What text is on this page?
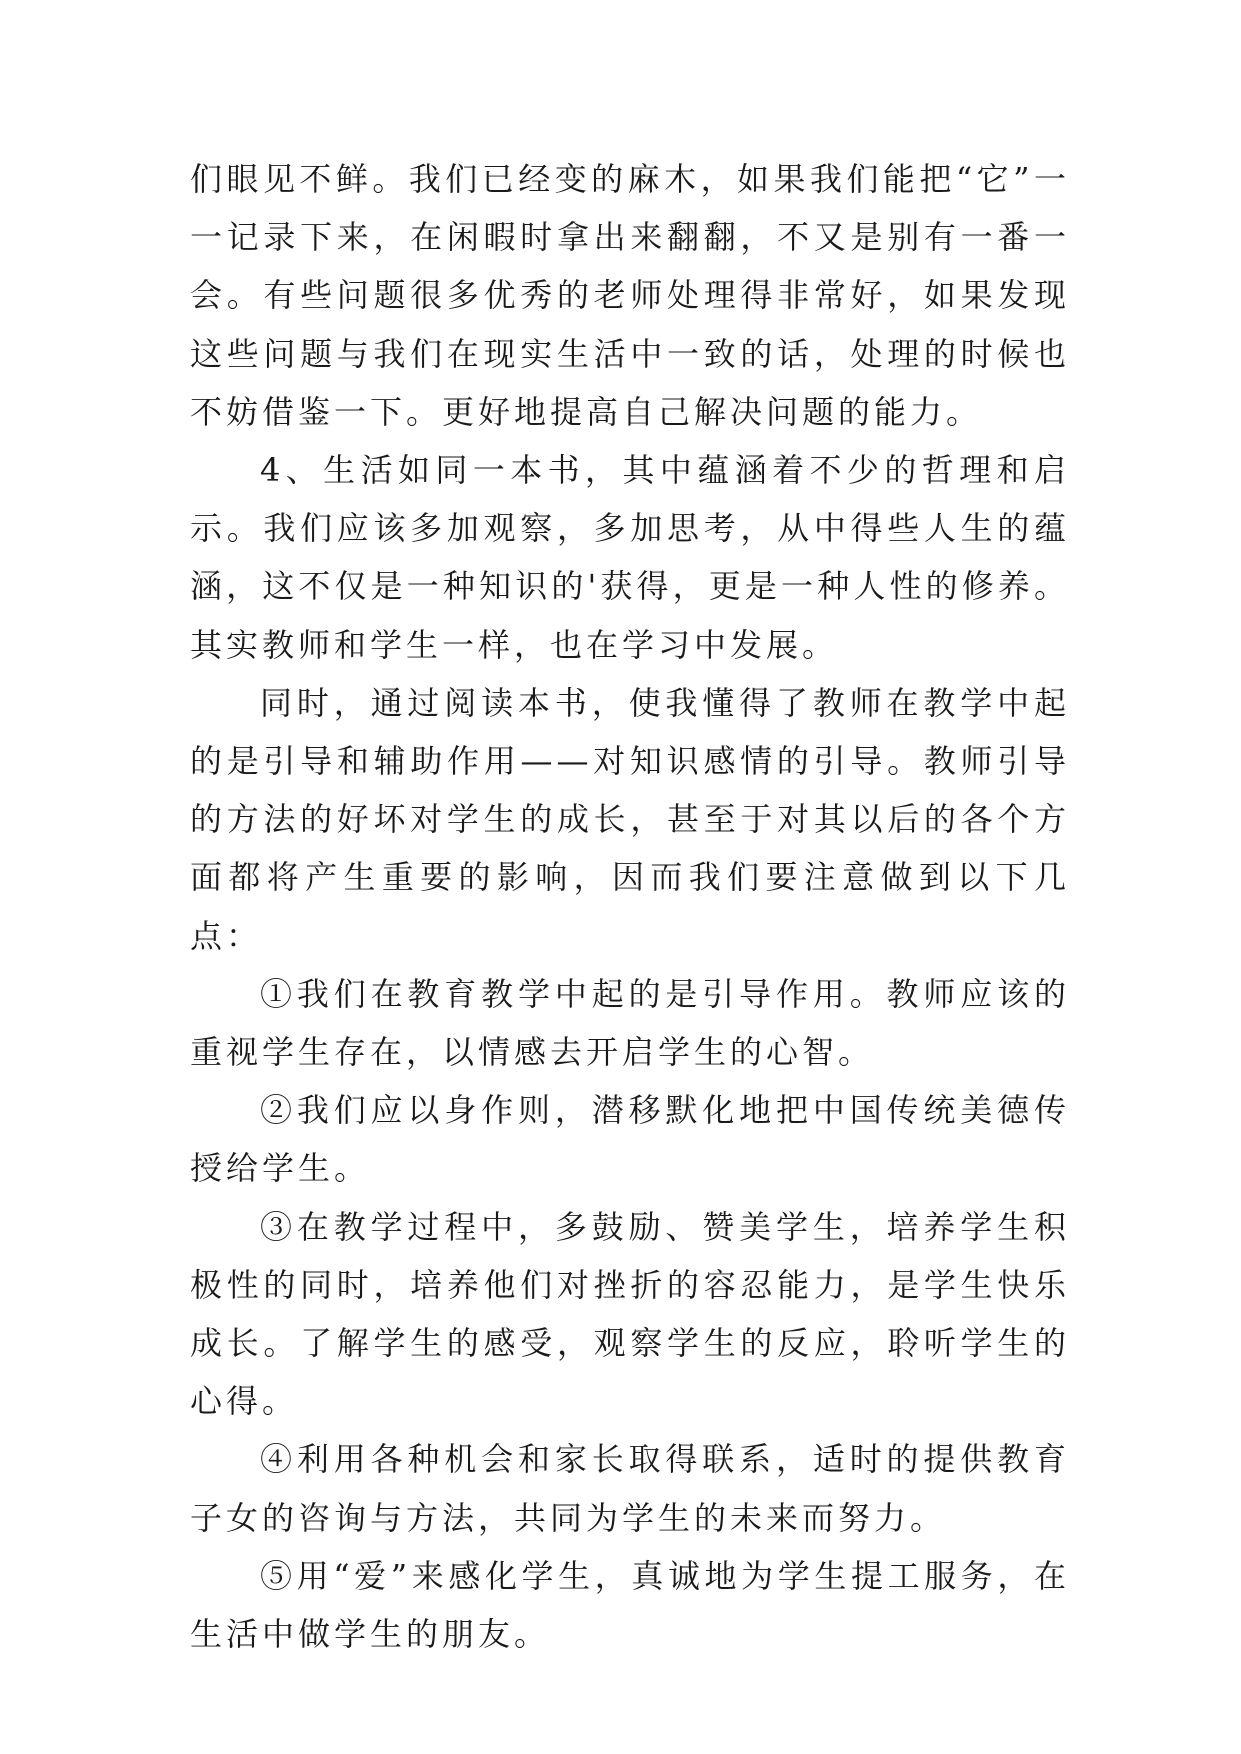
们眼见不鲜。我们已经变的麻木，如果我们能把“它”一一记录下来，在闲暇时拿出来翻翻，不又是别有一番一会。有些问题很多优秀的老师处理得非常好，如果发现这些问题与我们在现实生活中一致的话，处理的时候也不妨借鉴一下。更好地提高自己解决问题的能力。

4、生活如同一本书，其中蕴涵着不少的哲理和启示。我们应该多加观察，多加思考，从中得些人生的蕴涵，这不仅是一种知识的'获得，更是一种人性的修养。其实教师和学生一样，也在学习中发展。

同时，通过阅读本书，使我懂得了教师在教学中起的是引导和辅助作用——对知识感情的引导。教师引导的方法的好坏对学生的成长，甚至于对其以后的各个方面都将产生重要的影响，因而我们要注意做到以下几点：

①我们在教育教学中起的是引导作用。教师应该的重视学生存在，以情感去开启学生的心智。

②我们应以身作则，潜移默化地把中国传统美德传授给学生。

③在教学过程中，多鼓励、赞美学生，培养学生积极性的同时，培养他们对挫折的容忍能力，是学生快乐成长。了解学生的感受，观察学生的反应，聆听学生的心得。

④利用各种机会和家长取得联系，适时的提供教育子女的咨询与方法，共同为学生的未来而努力。

⑤用“爱”来感化学生，真诚地为学生提工服务，在生活中做学生的朋友。
